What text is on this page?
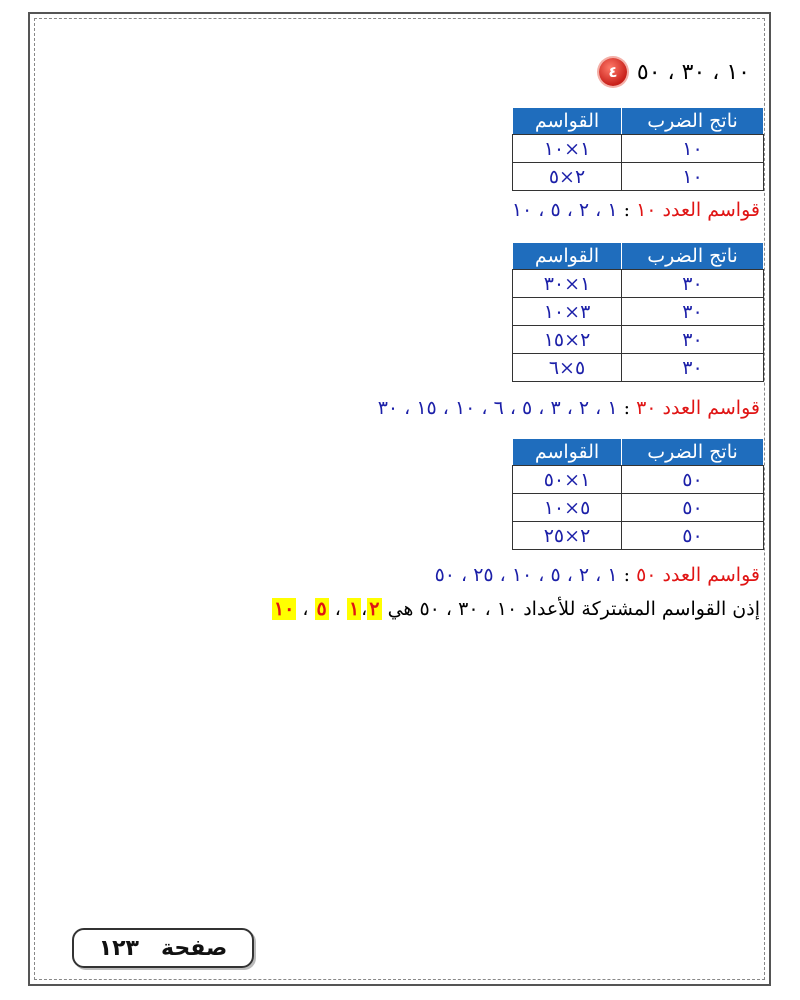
٤ ١٠ ، ٣٠ ، ٥٠
ناتج الضرب	القواسم
١٠	١×١٠
١٠	٢×٥
قواسم العدد ١٠ : ١ ، ٢ ، ٥ ، ١٠
ناتج الضرب	القواسم
٣٠	١×٣٠
٣٠	٣×١٠
٣٠	٢×١٥
٣٠	٥×٦
قواسم العدد ٣٠ : ١ ، ٢ ، ٣ ، ٥ ، ٦ ، ١٠ ، ١٥ ، ٣٠
ناتج الضرب	القواسم
٥٠	١×٥٠
٥٠	٥×١٠
٥٠	٢×٢٥
قواسم العدد ٥٠ : ١ ، ٢ ، ٥ ، ١٠ ، ٢٥ ، ٥٠
إذن القواسم المشتركة للأعداد ١٠ ، ٣٠ ، ٥٠ هي ١ ، ٢ ، ٥ ، ١٠
صفحة
١٢٣
